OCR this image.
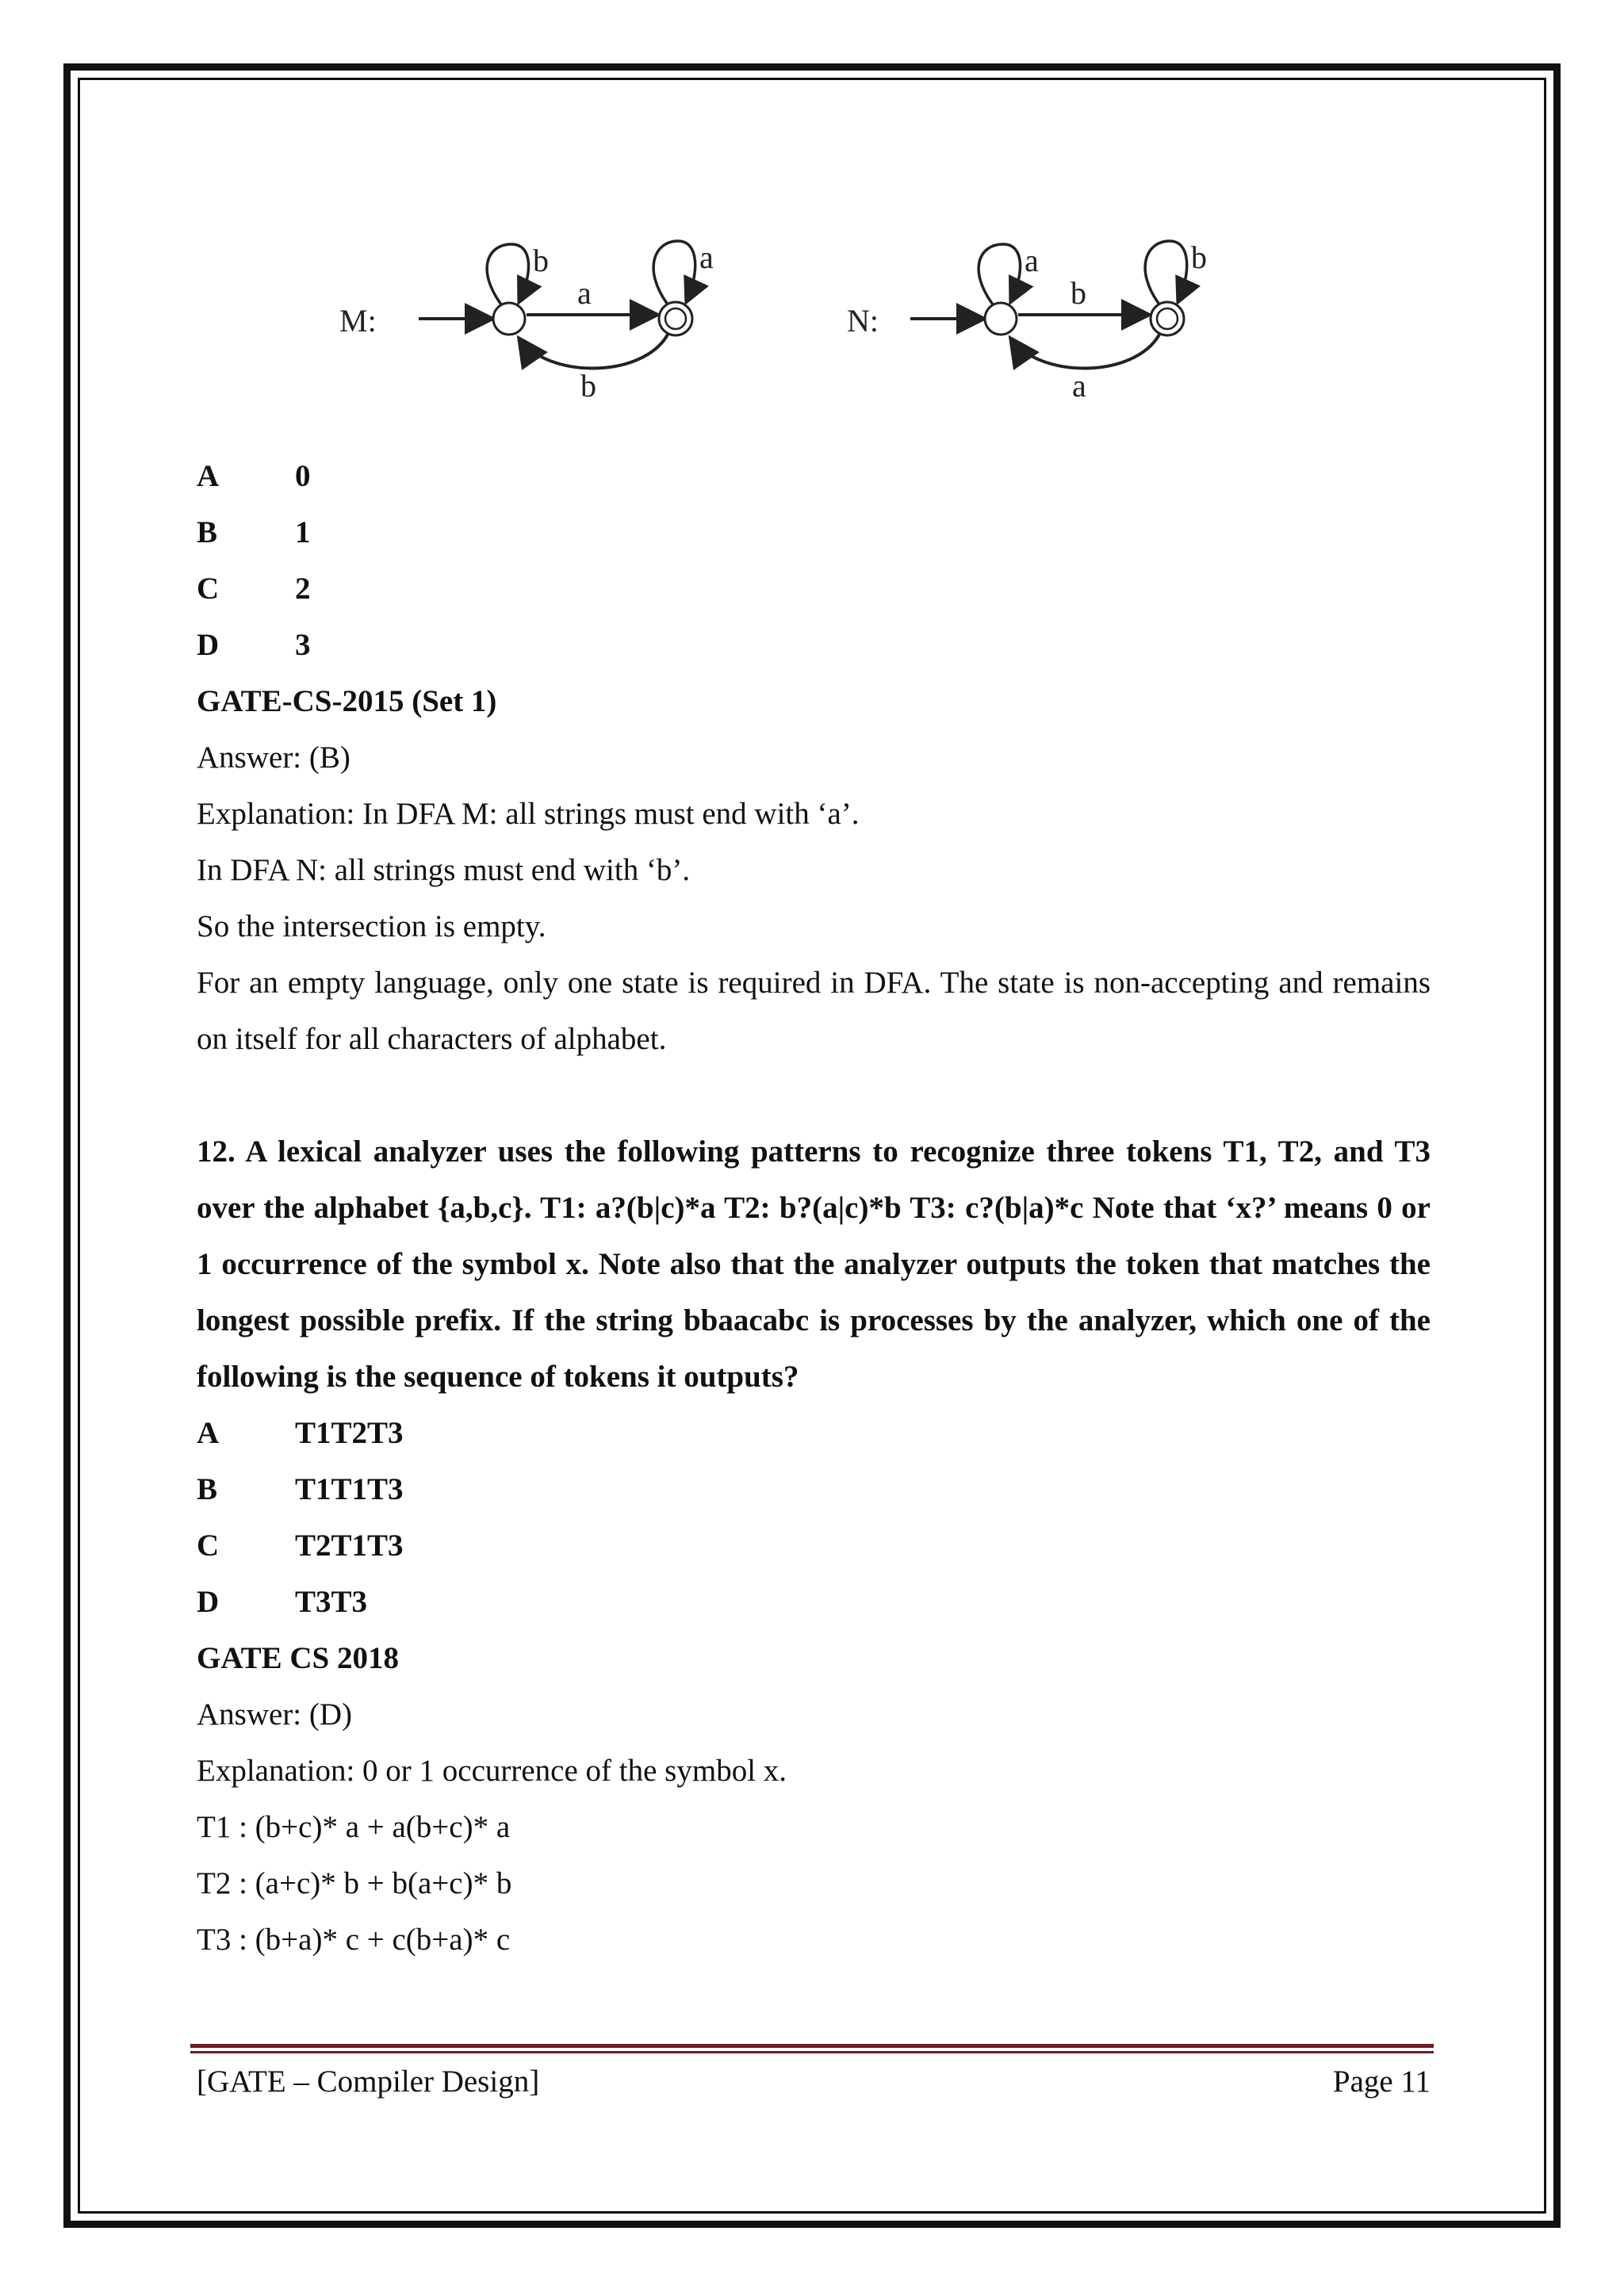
M:
b
a
a
b
N:
a
b
b
a
A	0
B	1
C	2
D	3
GATE-CS-2015 (Set 1)
Answer: (B)
Explanation: In DFA M: all strings must end with ‘a’.
In DFA N: all strings must end with ‘b’.
So the intersection is empty.
For an empty language, only one state is required in DFA. The state is non-accepting and remains on itself for all characters of alphabet.
12. A lexical analyzer uses the following patterns to recognize three tokens T1, T2, and T3 over the alphabet {a,b,c}. T1: a?(b|c)*a T2: b?(a|c)*b T3: c?(b|a)*c Note that ‘x?’ means 0 or 1 occurrence of the symbol x. Note also that the analyzer outputs the token that matches the longest possible prefix. If the string bbaacabc is processes by the analyzer, which one of the following is the sequence of tokens it outputs?
A	T1T2T3
B	T1T1T3
C	T2T1T3
D	T3T3
GATE CS 2018
Answer: (D)
Explanation: 0 or 1 occurrence of the symbol x.
T1 : (b+c)* a + a(b+c)* a
T2 : (a+c)* b + b(a+c)* b
T3 : (b+a)* c + c(b+a)* c
[GATE – Compiler Design]	Page 11
